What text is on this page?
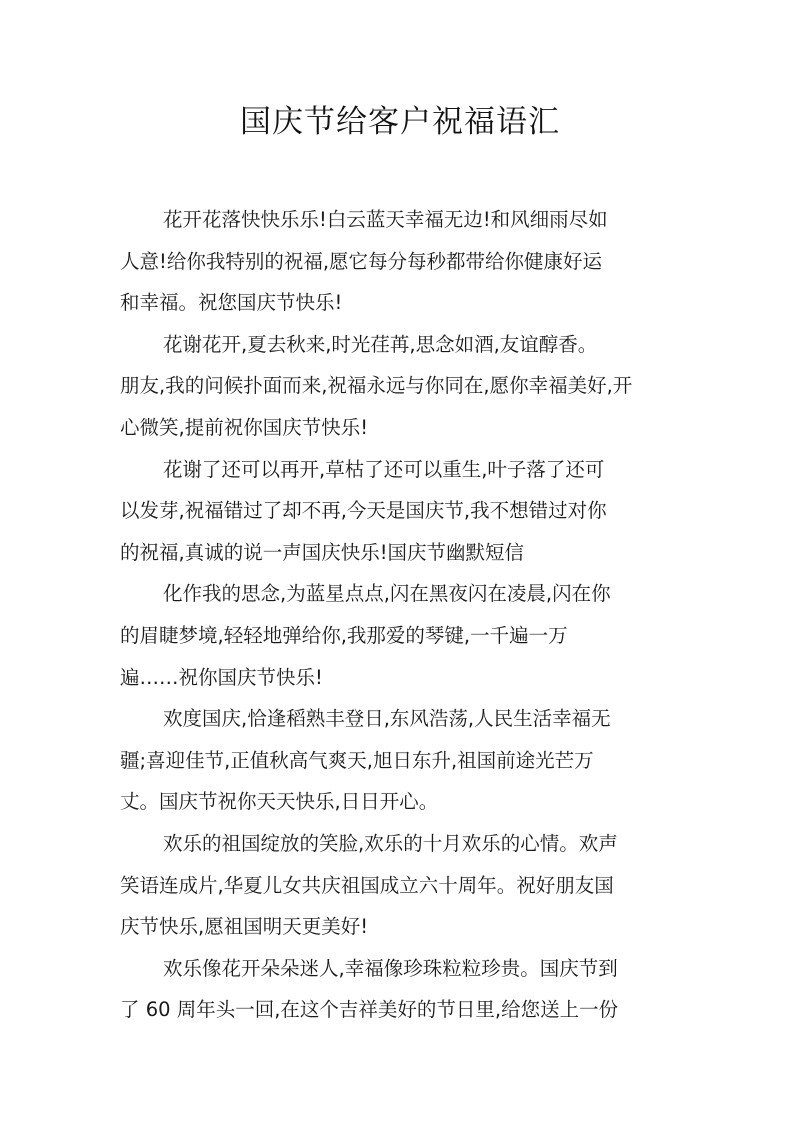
国庆节给客户祝福语汇
花开花落快快乐乐!白云蓝天幸福无边!和风细雨尽如
人意!给你我特别的祝福,愿它每分每秒都带给你健康好运
和幸福。祝您国庆节快乐!
花谢花开,夏去秋来,时光荏苒,思念如酒,友谊醇香。
朋友,我的问候扑面而来,祝福永远与你同在,愿你幸福美好,开
心微笑,提前祝你国庆节快乐!
花谢了还可以再开,草枯了还可以重生,叶子落了还可
以发芽,祝福错过了却不再,今天是国庆节,我不想错过对你
的祝福,真诚的说一声国庆快乐!国庆节幽默短信
化作我的思念,为蓝星点点,闪在黑夜闪在凌晨,闪在你
的眉睫梦境,轻轻地弹给你,我那爱的琴键,一千遍一万
遍……祝你国庆节快乐!
欢度国庆,恰逢稻熟丰登日,东风浩荡,人民生活幸福无
疆;喜迎佳节,正值秋高气爽天,旭日东升,祖国前途光芒万
丈。国庆节祝你天天快乐,日日开心。
欢乐的祖国绽放的笑脸,欢乐的十月欢乐的心情。欢声
笑语连成片,华夏儿女共庆祖国成立六十周年。祝好朋友国
庆节快乐,愿祖国明天更美好!
欢乐像花开朵朵迷人,幸福像珍珠粒粒珍贵。国庆节到
了 60 周年头一回,在这个吉祥美好的节日里,给您送上一份
